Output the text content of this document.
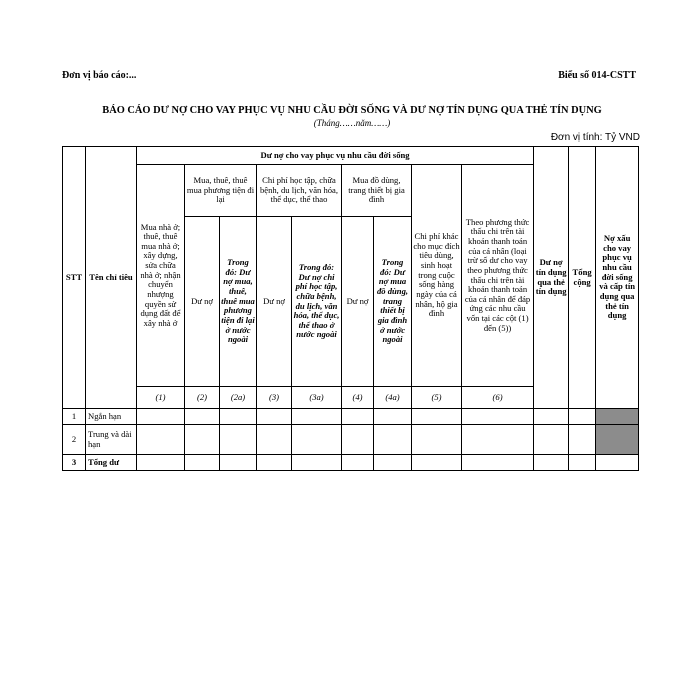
Đơn vị báo cáo:...	Biểu số 014-CSTT
BÁO CÁO DƯ NỢ CHO VAY PHỤC VỤ NHU CẦU ĐỜI SỐNG VÀ DƯ NỢ TÍN DỤNG QUA THẺ TÍN DỤNG
(Tháng……năm……)
Đơn vị tính: Tỷ VND
STT	Tên chỉ tiêu	Dư nợ cho vay phục vụ nhu cầu đời sống									Dư nợ tín dụng qua thẻ tín dụng	Tổng cộng	Nợ xấu cho vay phục vụ nhu cầu đời sống và cấp tín dụng qua thẻ tín dụng
		Mua nhà ở; thuê, thuê mua nhà ở; xây dựng, sửa chữa nhà ở; nhận chuyển nhượng quyền sử dụng đất để xây nhà ở	Mua, thuê, thuê mua phương tiện đi lại		Chi phí học tập, chữa bệnh, du lịch, văn hóa, thể dục, thể thao		Mua đồ dùng, trang thiết bị gia đình		Chi phí khác cho mục đích tiêu dùng, sinh hoạt trong cuộc sống hàng ngày của cá nhân, hộ gia đình	Theo phương thức thấu chi trên tài khoản thanh toán của cá nhân (loại trừ số dư cho vay theo phương thức thấu chi trên tài khoản thanh toán của cá nhân để đáp ứng các nhu cầu vốn tại các cột (1) đến (5))			
			Dư nợ	Trong đó: Dư nợ mua, thuê, thuê mua phương tiện đi lại ở nước ngoài	Dư nợ	Trong đó: Dư nợ chi phí học tập, chữa bệnh, du lịch, văn hóa, thể dục, thể thao ở nước ngoài	Dư nợ	Trong đó: Dư nợ mua đồ dùng, trang thiết bị gia đình ở nước ngoài					
		(1)	(2)	(2a)	(3)	(3a)	(4)	(4a)	(5)	(6)			
1	Ngắn hạn												
2	Trung và dài hạn												
3	Tổng dư												
